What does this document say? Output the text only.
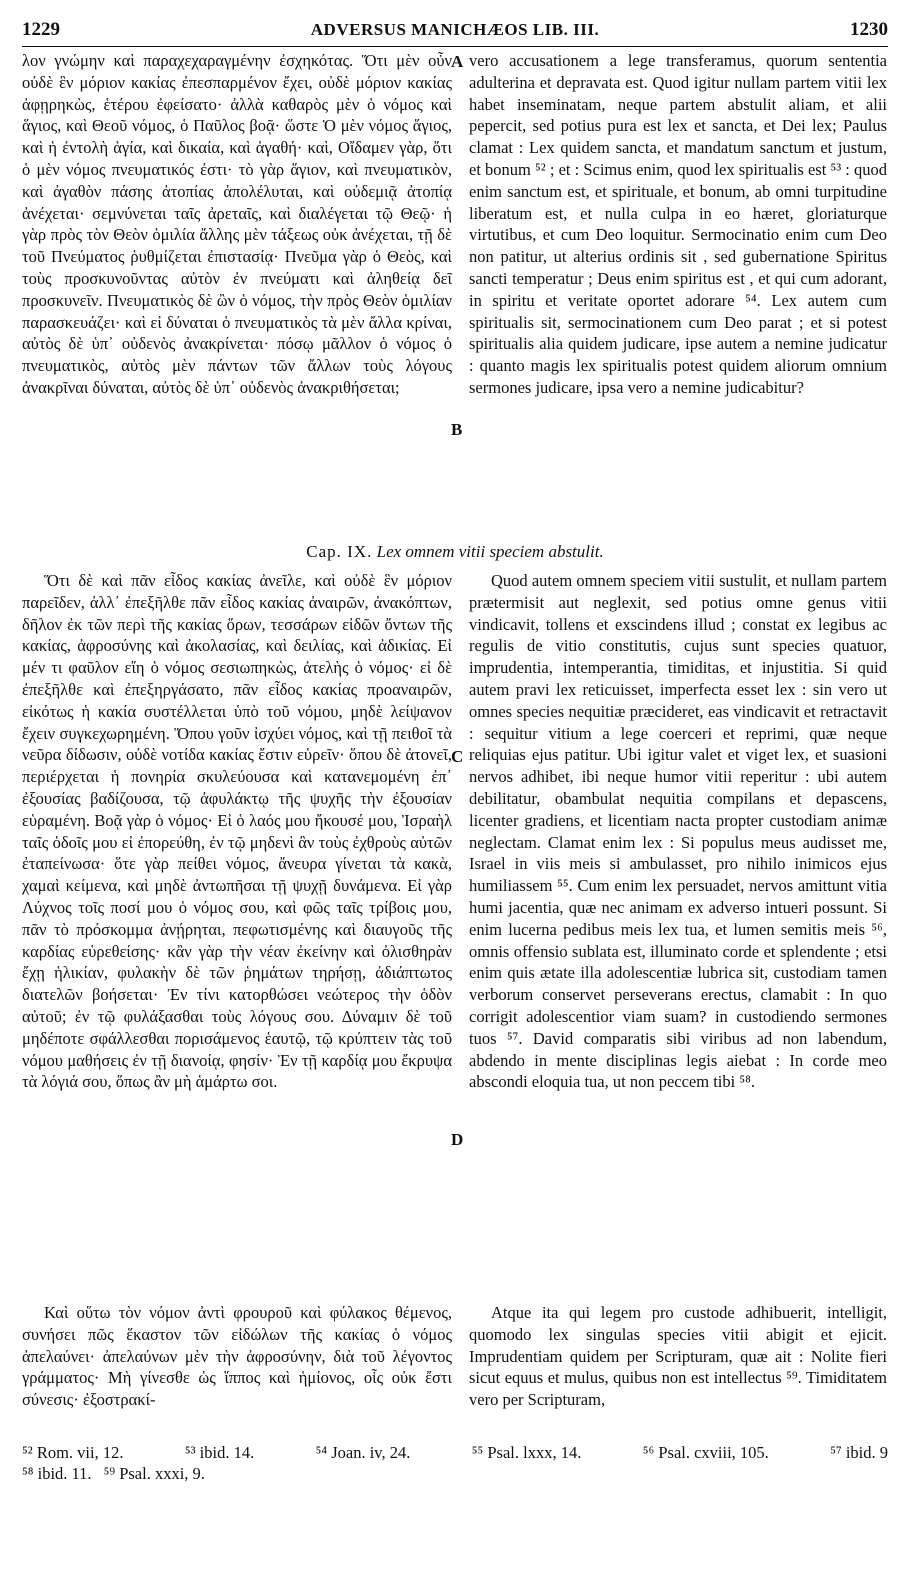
1229	ADVERSUS MANICHÆOS LIB. III.	1230

λον γνώμην καὶ παραχεχαραγμένην ἐσχηκότας. Ὅτι μὲν οὖν οὐδὲ ἓν μόριον κακίας ἐπεσπαρμένον ἔχει, οὐδὲ μόριον κακίας ἀφῃρηκὼς, ἑτέρου ἐφείσατο· ἀλλὰ καθαρὸς μὲν ὁ νόμος καὶ ἅγιος, καὶ Θεοῦ νόμος, ὁ Παῦλος βοᾷ· ὥστε Ὁ μὲν νόμος ἅγιος, καὶ ἡ ἐντολὴ ἁγία, καὶ δικαία, καὶ ἀγαθή· καὶ, Οἴδαμεν γὰρ, ὅτι ὁ μὲν νόμος πνευματικός ἐστι· τὸ γὰρ ἅγιον, καὶ πνευματικὸν, καὶ ἀγαθὸν πάσης ἀτοπίας ἀπολέλυται, καὶ οὐδεμιᾷ ἀτοπίᾳ ἀνέχεται· σεμνύνεται ταῖς ἀρεταῖς, καὶ διαλέγεται τῷ Θεῷ· ἡ γὰρ πρὸς τὸν Θεὸν ὁμιλία ἄλλης μὲν τάξεως οὐκ ἀνέχεται, τῇ δὲ τοῦ Πνεύματος ῥυθμίζεται ἐπιστασίᾳ· Πνεῦμα γὰρ ὁ Θεὸς, καὶ τοὺς προσκυνοῦντας αὐτὸν ἐν πνεύματι καὶ ἀληθείᾳ δεῖ προσκυνεῖν. Πνευματικὸς δὲ ὢν ὁ νόμος, τὴν πρὸς Θεὸν ὁμιλίαν παρασκευάζει· καὶ εἰ δύναται ὁ πνευματικὸς τὰ μὲν ἄλλα κρίναι, αὐτὸς δὲ ὑπ᾽ οὐδενὸς ἀνακρίνεται· πόσῳ μᾶλλον ὁ νόμος ὁ πνευματικὸς, αὐτὸς μὲν πάντων τῶν ἄλλων τοὺς λόγους ἀνακρῖναι δύναται, αὐτὸς δὲ ὑπ᾽ οὐδενὸς ἀνακριθήσεται;

vero accusationem a lege transferamus, quorum sententia adulterina et depravata est. Quod igitur nullam partem vitii lex habet inseminatam, neque partem abstulit aliam, et alii pepercit, sed potius pura est lex et sancta, et Dei lex; Paulus clamat : Lex quidem sancta, et mandatum sanctum et justum, et bonum ⁵² ; et : Scimus enim, quod lex spiritualis est ⁵³ : quod enim sanctum est, et spirituale, et bonum, ab omni turpitudine liberatum est, et nulla culpa in eo hæret, gloriaturque virtutibus, et cum Deo loquitur. Sermocinatio enim cum Deo non patitur, ut alterius ordinis sit , sed gubernatione Spiritus sancti temperatur ; Deus enim spiritus est , et qui cum adorant, in spiritu et veritate oportet adorare ⁵⁴. Lex autem cum spiritualis sit, sermocinationem cum Deo parat ; et si potest spiritualis alia quidem judicare, ipse autem a nemine judicatur : quanto magis lex spiritualis potest quidem aliorum omnium sermones judicare, ipsa vero a nemine judicabitur?

A
B
Cap. IX. Lex omnem vitii speciem abstulit.

Ὅτι δὲ καὶ πᾶν εἶδος κακίας ἀνεῖλε, καὶ οὐδὲ ἓν μόριον παρεῖδεν, ἀλλ᾽ ἐπεξῆλθε πᾶν εἶδος κακίας ἀναιρῶν, ἀνακόπτων, δῆλον ἐκ τῶν περὶ τῆς κακίας ὅρων, τεσσάρων εἰδῶν ὄντων τῆς κακίας, ἀφροσύνης καὶ ἀκολασίας, καὶ δειλίας, καὶ ἀδικίας. Εἰ μέν τι φαῦλον εἴη ὁ νόμος σεσιωπηκὼς, ἀτελὴς ὁ νόμος· εἰ δὲ ἐπεξῆλθε καὶ ἐπεξηργάσατο, πᾶν εἶδος κακίας προαναιρῶν, εἰκότως ἡ κακία συστέλλεται ὑπὸ τοῦ νόμου, μηδὲ λείψανον ἔχειν συγκεχωρημένη. Ὅπου γοῦν ἰσχύει νόμος, καὶ τῇ πειθοῖ τὰ νεῦρα δίδωσιν, οὐδὲ νοτίδα κακίας ἔστιν εὑρεῖν· ὅπου δὲ ἀτονεῖ, περιέρχεται ἡ πονηρία σκυλεύουσα καὶ κατανεμομένη ἐπ᾽ ἐξουσίας βαδίζουσα, τῷ ἀφυλάκτῳ τῆς ψυχῆς τὴν ἐξουσίαν εὑραμένη. Βοᾷ γὰρ ὁ νόμος· Εἰ ὁ λαός μου ἤκουσέ μου, Ἰσραὴλ ταῖς ὁδοῖς μου εἰ ἐπορεύθη, ἐν τῷ μηδενὶ ἂν τοὺς ἐχθροὺς αὐτῶν ἐταπείνωσα· ὅτε γὰρ πείθει νόμος, ἄνευρα γίνεται τὰ κακὰ, χαμαὶ κείμενα, καὶ μηδὲ ἀντωπῆσαι τῇ ψυχῇ δυνάμενα. Εἰ γὰρ Λύχνος τοῖς ποσί μου ὁ νόμος σου, καὶ φῶς ταῖς τρίβοις μου, πᾶν τὸ πρόσκομμα ἀνῄρηται, πεφωτισμένης καὶ διαυγοῦς τῆς καρδίας εὑρεθείσης· κἂν γὰρ τὴν νέαν ἐκείνην καὶ ὀλισθηρὰν ἔχῃ ἡλικίαν, φυλακὴν δὲ τῶν ῥημάτων τηρήσῃ, ἀδιάπτωτος διατελῶν βοήσεται· Ἐν τίνι κατορθώσει νεώτερος τὴν ὁδὸν αὐτοῦ; ἐν τῷ φυλάξασθαι τοὺς λόγους σου. Δύναμιν δὲ τοῦ μηδέποτε σφάλλεσθαι πορισάμενος ἑαυτῷ, τῷ κρύπτειν τὰς τοῦ νόμου μαθήσεις ἐν τῇ διανοίᾳ, φησίν· Ἐν τῇ καρδίᾳ μου ἔκρυψα τὰ λόγιά σου, ὅπως ἂν μὴ ἁμάρτω σοι.

Quod autem omnem speciem vitii sustulit, et nullam partem prætermisit aut neglexit, sed potius omne genus vitii vindicavit, tollens et exscindens illud ; constat ex legibus ac regulis de vitio constitutis, cujus sunt species quatuor, imprudentia, intemperantia, timiditas, et injustitia. Si quid autem pravi lex reticuisset, imperfecta esset lex : sin vero ut omnes species nequitiæ præcideret, eas vindicavit et retractavit : sequitur vitium a lege coerceri et reprimi, quæ neque reliquias ejus patitur. Ubi igitur valet et viget lex, et suasioni nervos adhibet, ibi neque humor vitii reperitur : ubi autem debilitatur, obambulat nequitia compilans et depascens, licenter gradiens, et licentiam nacta propter custodiam animæ neglectam. Clamat enim lex : Si populus meus audisset me, Israel in viis meis si ambulasset, pro nihilo inimicos ejus humiliassem ⁵⁵. Cum enim lex persuadet, nervos amittunt vitia humi jacentia, quæ nec animam ex adverso intueri possunt. Si enim lucerna pedibus meis lex tua, et lumen semitis meis ⁵⁶, omnis offensio sublata est, illuminato corde et splendente ; etsi enim quis ætate illa adolescentiæ lubrica sit, custodiam tamen verborum conservet perseverans erectus, clamabit : In quo corrigit adolescentior viam suam? in custodiendo sermones tuos ⁵⁷. David comparatis sibi viribus ad non labendum, abdendo in mente disciplinas legis aiebat : In corde meo abscondi eloquia tua, ut non peccem tibi ⁵⁸.

C
D

Καὶ οὕτω τὸν νόμον ἀντὶ φρουροῦ καὶ φύλακος θέμενος, συνήσει πῶς ἕκαστον τῶν εἰδώλων τῆς κακίας ὁ νόμος ἀπελαύνει· ἀπελαύνων μὲν τὴν ἀφροσύνην, διὰ τοῦ λέγοντος γράμματος· Μὴ γίνεσθε ὡς ἵππος καὶ ἡμίονος, οἷς οὐκ ἔστι σύνεσις· ἐξοστρακί-

Atque ita qui legem pro custode adhibuerit, intelligit, quomodo lex singulas species vitii abigit et ejicit. Imprudentiam quidem per Scripturam, quæ ait : Nolite fieri sicut equus et mulus, quibus non est intellectus ⁵⁹. Timiditatem vero per Scripturam,

⁵² Rom. vii, 12.	⁵³ ibid. 14.	⁵⁴ Joan. iv, 24.	⁵⁵ Psal. lxxx, 14.	⁵⁶ Psal. cxviii, 105.	⁵⁷ ibid. 9
⁵⁸ ibid. 11. ⁵⁹ Psal. xxxi, 9.
